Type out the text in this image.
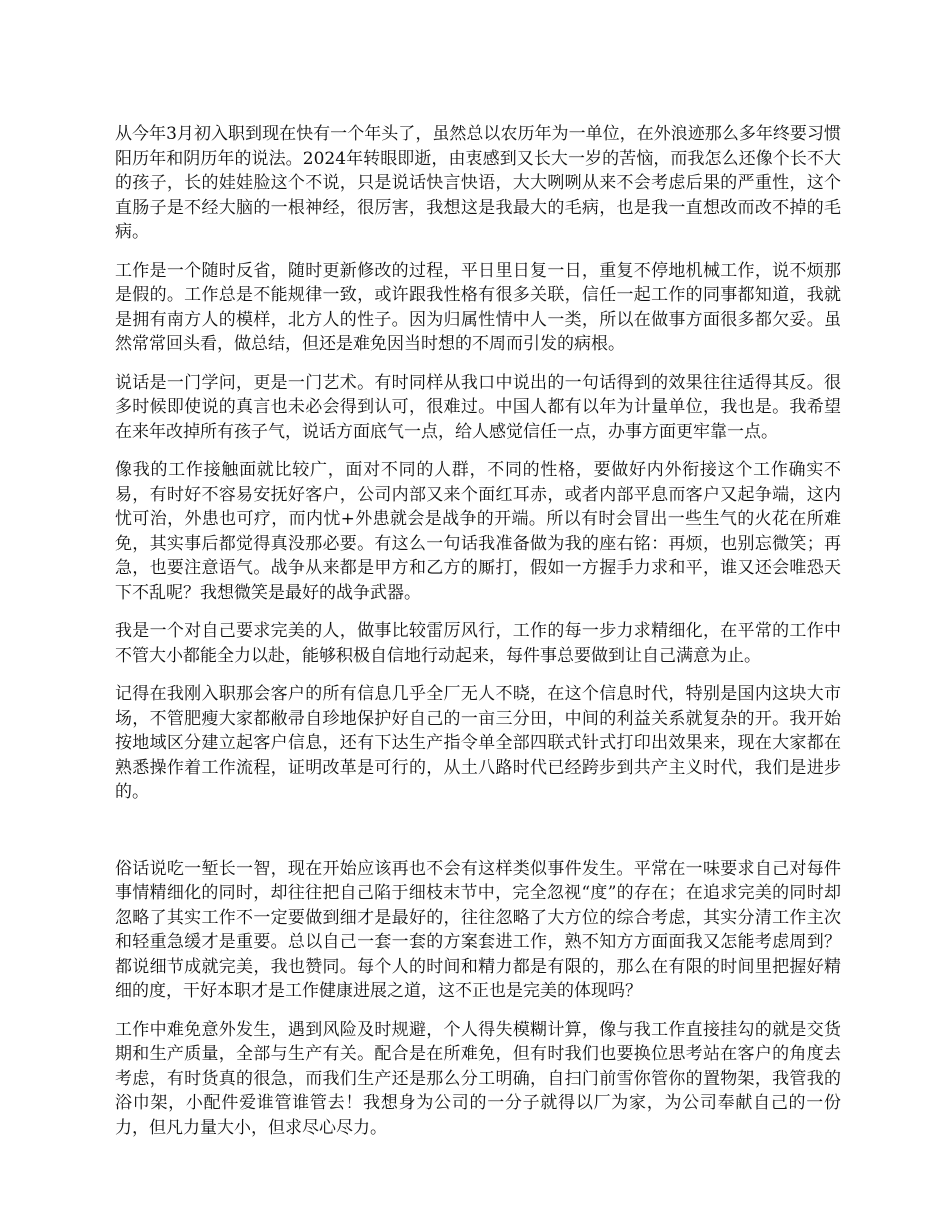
从今年3月初入职到现在快有一个年头了，虽然总以农历年为一单位，在外浪迹那么多年终要习惯阳历年和阴历年的说法。2024年转眼即逝，由衷感到又长大一岁的苦恼，而我怎么还像个长不大的孩子，长的娃娃脸这个不说，只是说话快言快语，大大咧咧从来不会考虑后果的严重性，这个直肠子是不经大脑的一根神经，很厉害，我想这是我最大的毛病，也是我一直想改而改不掉的毛病。

工作是一个随时反省，随时更新修改的过程，平日里日复一日，重复不停地机械工作，说不烦那是假的。工作总是不能规律一致，或许跟我性格有很多关联，信任一起工作的同事都知道，我就是拥有南方人的模样，北方人的性子。因为归属性情中人一类，所以在做事方面很多都欠妥。虽然常常回头看，做总结，但还是难免因当时想的不周而引发的病根。

说话是一门学问，更是一门艺术。有时同样从我口中说出的一句话得到的效果往往适得其反。很多时候即使说的真言也未必会得到认可，很难过。中国人都有以年为计量单位，我也是。我希望在来年改掉所有孩子气，说话方面底气一点，给人感觉信任一点，办事方面更牢靠一点。

像我的工作接触面就比较广，面对不同的人群，不同的性格，要做好内外衔接这个工作确实不易，有时好不容易安抚好客户，公司内部又来个面红耳赤，或者内部平息而客户又起争端，这内忧可治，外患也可疗，而内忧+外患就会是战争的开端。所以有时会冒出一些生气的火花在所难免，其实事后都觉得真没那必要。有这么一句话我准备做为我的座右铭：再烦，也别忘微笑；再急，也要注意语气。战争从来都是甲方和乙方的厮打，假如一方握手力求和平，谁又还会唯恐天下不乱呢？我想微笑是最好的战争武器。

我是一个对自己要求完美的人，做事比较雷厉风行，工作的每一步力求精细化，在平常的工作中不管大小都能全力以赴，能够积极自信地行动起来，每件事总要做到让自己满意为止。

记得在我刚入职那会客户的所有信息几乎全厂无人不晓，在这个信息时代，特别是国内这块大市场，不管肥瘦大家都敝帚自珍地保护好自己的一亩三分田，中间的利益关系就复杂的开。我开始按地域区分建立起客户信息，还有下达生产指令单全部四联式针式打印出效果来，现在大家都在熟悉操作着工作流程，证明改革是可行的，从土八路时代已经跨步到共产主义时代，我们是进步的。

俗话说吃一堑长一智，现在开始应该再也不会有这样类似事件发生。平常在一味要求自己对每件事情精细化的同时，却往往把自己陷于细枝末节中，完全忽视“度”的存在；在追求完美的同时却忽略了其实工作不一定要做到细才是最好的，往往忽略了大方位的综合考虑，其实分清工作主次和轻重急缓才是重要。总以自己一套一套的方案套进工作，熟不知方方面面我又怎能考虑周到？都说细节成就完美，我也赞同。每个人的时间和精力都是有限的，那么在有限的时间里把握好精细的度，干好本职才是工作健康进展之道，这不正也是完美的体现吗？

工作中难免意外发生，遇到风险及时规避，个人得失模糊计算，像与我工作直接挂勾的就是交货期和生产质量，全部与生产有关。配合是在所难免，但有时我们也要换位思考站在客户的角度去考虑，有时货真的很急，而我们生产还是那么分工明确，自扫门前雪你管你的置物架，我管我的浴巾架，小配件爱谁管谁管去！我想身为公司的一分子就得以厂为家，为公司奉献自己的一份力，但凡力量大小，但求尽心尽力。
